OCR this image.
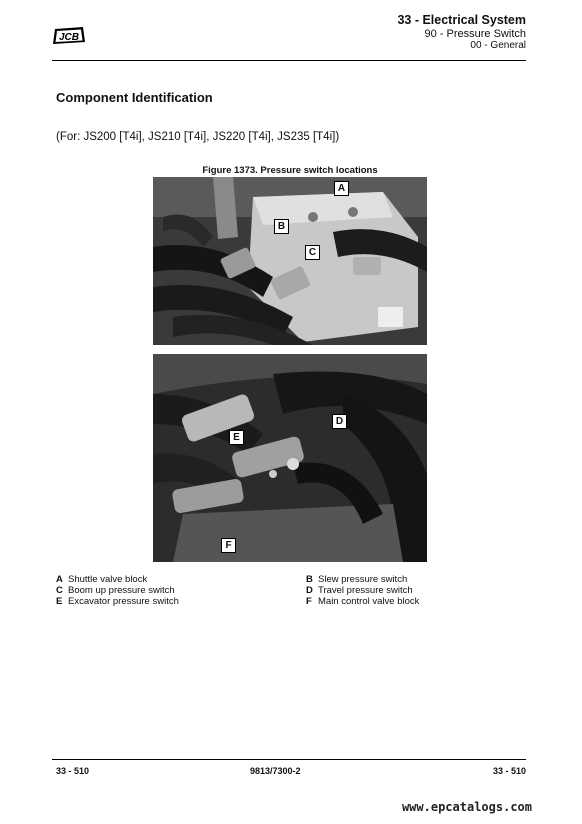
JCB
33 - Electrical System
90 - Pressure Switch
00 - General
Component Identification
(For: JS200 [T4i], JS210 [T4i], JS220 [T4i], JS235 [T4i])
Figure 1373. Pressure switch locations
A
B
C
D
E
F
A Shuttle valve block
C Boom up pressure switch
E Excavator pressure switch
B Slew pressure switch
D Travel pressure switch
F Main control valve block
33 - 510	9813/7300-2	33 - 510
www.epcatalogs.com
